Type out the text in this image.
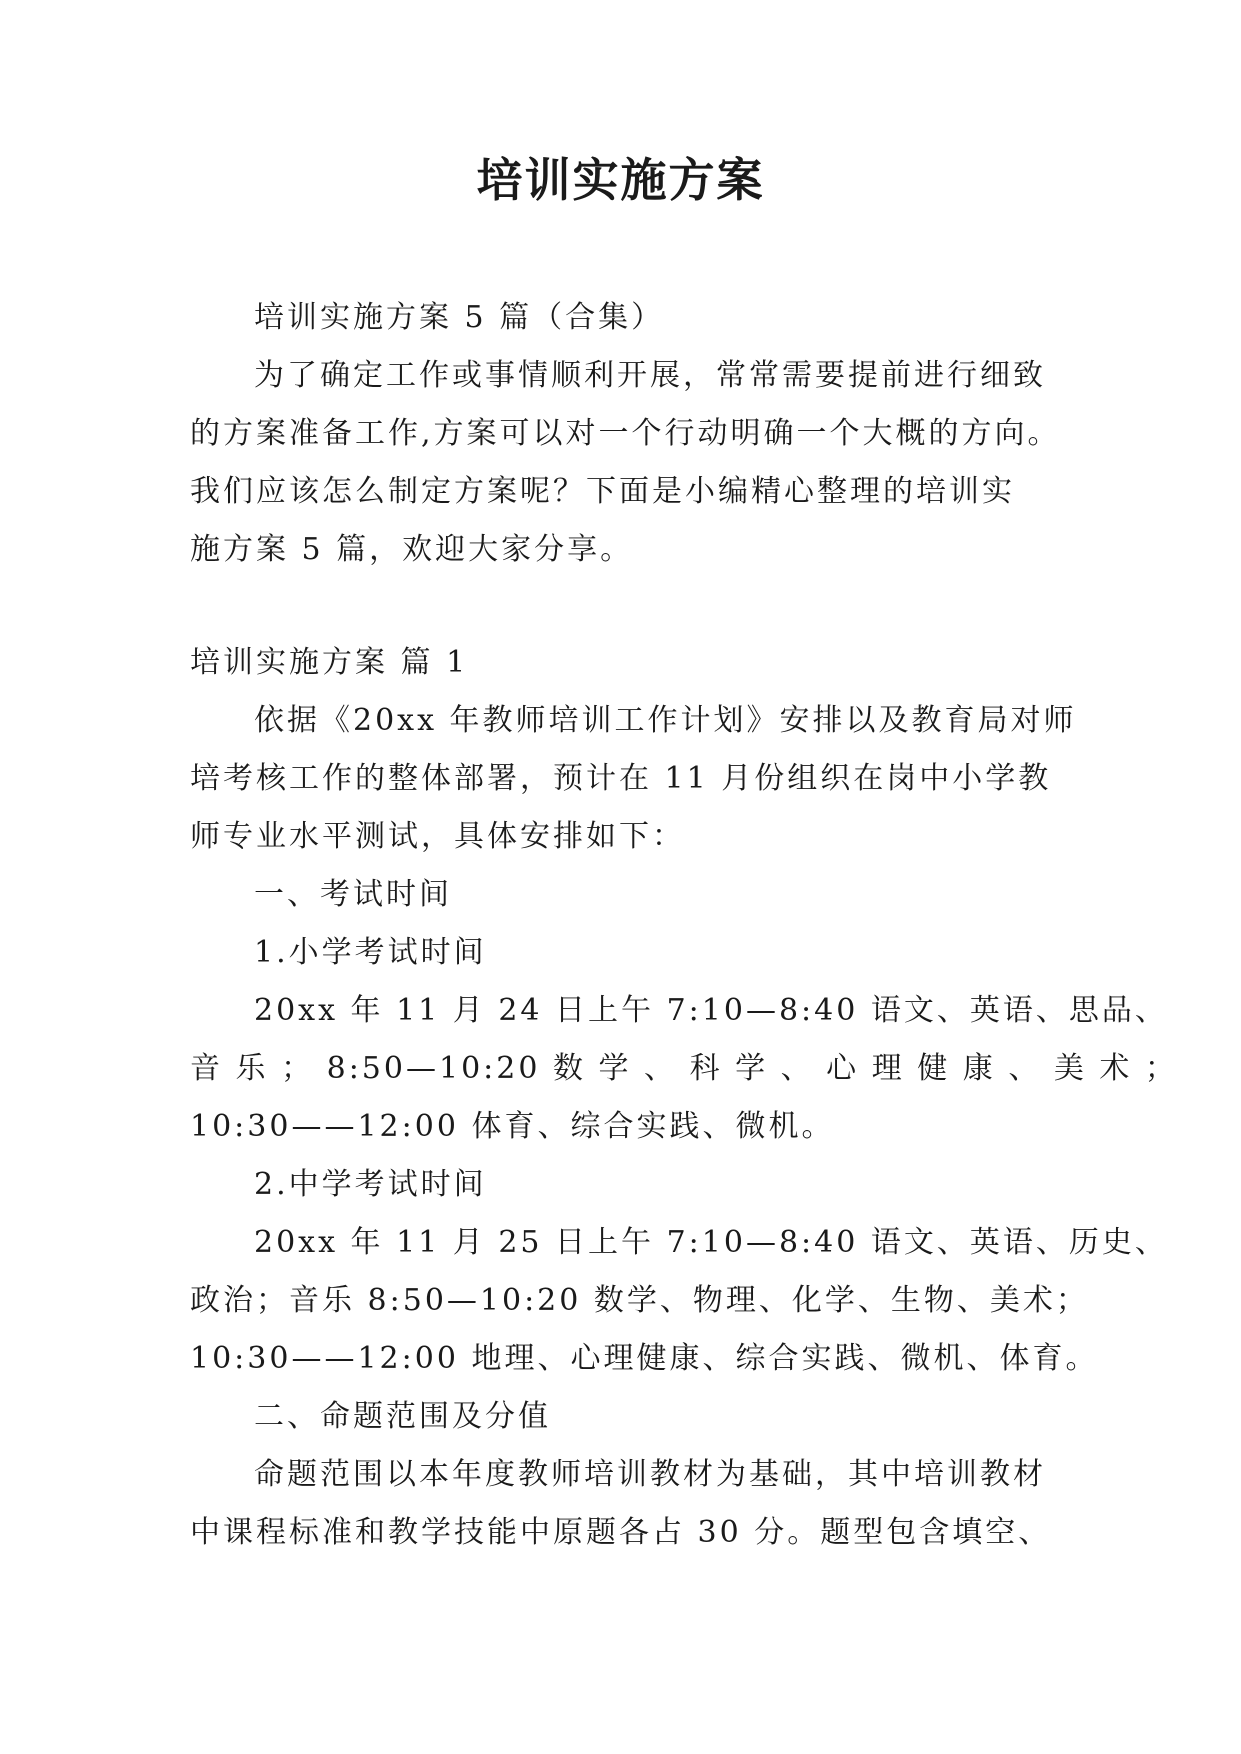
培训实施方案
培训实施方案 5 篇（合集）
为了确定工作或事情顺利开展，常常需要提前进行细致
的方案准备工作,方案可以对一个行动明确一个大概的方向。
我们应该怎么制定方案呢？下面是小编精心整理的培训实
施方案 5 篇，欢迎大家分享。
培训实施方案 篇 1
依据《20xx 年教师培训工作计划》安排以及教育局对师
培考核工作的整体部署，预计在 11 月份组织在岗中小学教
师专业水平测试，具体安排如下：
一、考试时间
1.小学考试时间
20xx 年 11 月 24 日上午 7:10—8:40 语文、英语、思品、
音 乐 ； 8:50—10:20 数 学 、 科 学 、 心 理 健 康 、 美 术 ；
10:30——12:00 体育、综合实践、微机。
2.中学考试时间
20xx 年 11 月 25 日上午 7:10—8:40 语文、英语、历史、
政治；音乐 8:50—10:20 数学、物理、化学、生物、美术；
10:30——12:00 地理、心理健康、综合实践、微机、体育。
二、命题范围及分值
命题范围以本年度教师培训教材为基础，其中培训教材
中课程标准和教学技能中原题各占 30 分。题型包含填空、
